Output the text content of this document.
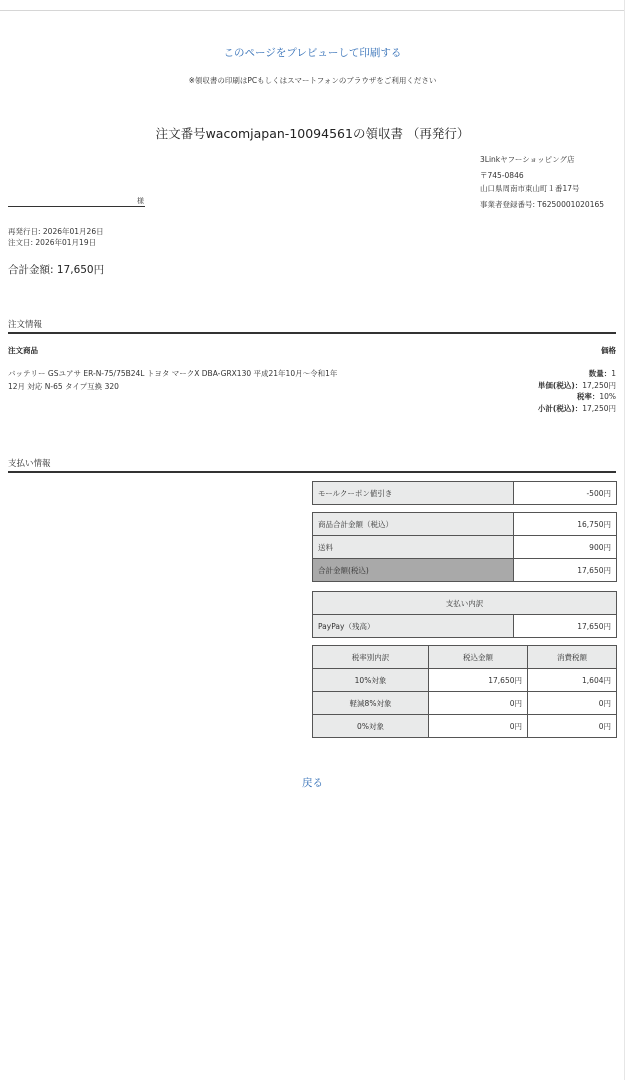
このページをプレビューして印刷する
※領収書の印刷はPCもしくはスマートフォンのブラウザをご利用ください
注文番号wacomjapan-10094561の領収書 （再発行）
3Linkヤフーショッピング店
〒745-0846
山口県周南市東山町１番17号
事業者登録番号: T6250001020165
様
再発行日: 2026年01月26日
注文日: 2026年01月19日
合計金額: 17,650円
注文情報
注文商品	価格
バッテリー GSユアサ ER-N-75/75B24L トヨタ マークX DBA-GRX130 平成21年10月〜令和1年
12月 対応 N-65 タイプ互換 320
数量：1
単価(税込)：17,250円
税率：10%
小計(税込)：17,250円
支払い情報
モールクーポン値引き	-500円
商品合計金額（税込）	16,750円
送料	900円
合計金額(税込)	17,650円
支払い内訳
PayPay（残高）	17,650円
税率別内訳	税込金額	消費税額
10%対象	17,650円	1,604円
軽減8%対象	0円	0円
0%対象	0円	0円
戻る
